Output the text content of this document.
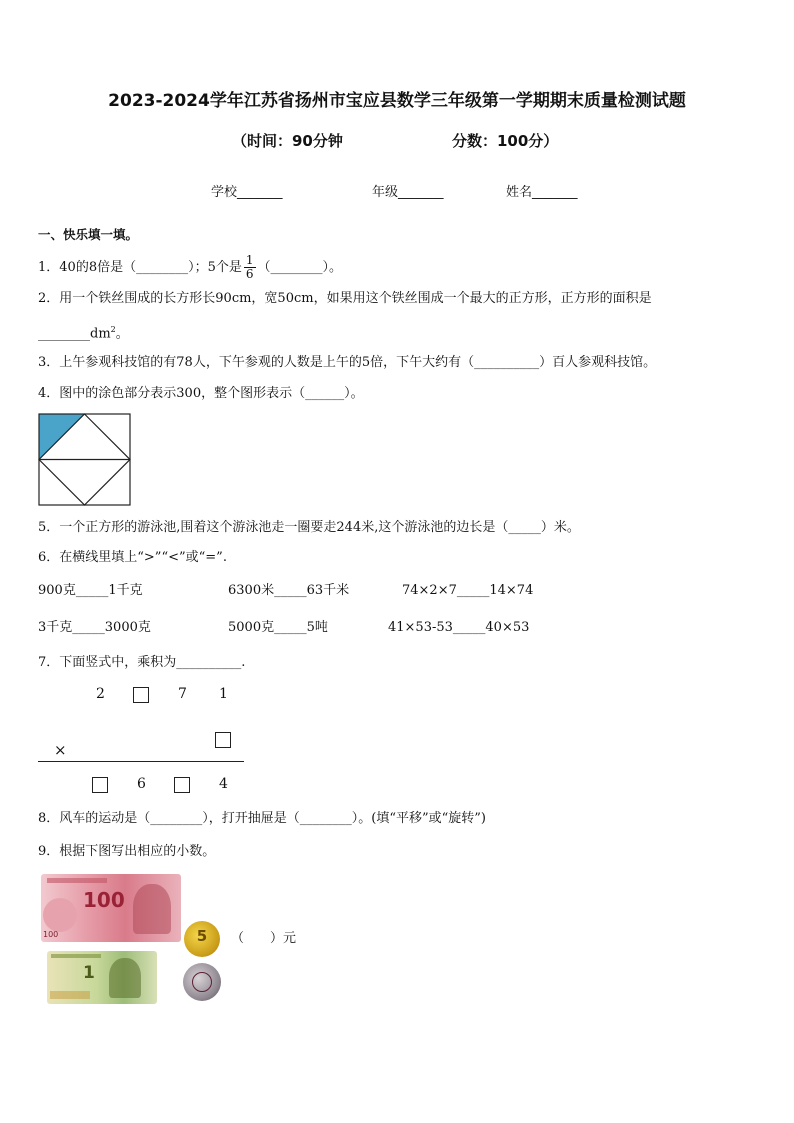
2023-2024学年江苏省扬州市宝应县数学三年级第一学期期末质量检测试题
（时间：90分钟	分数：100分）
学校_______	年级_______	姓名_______
一、快乐填一填。
1．40的8倍是（________）；5个是 $\frac{1}{6}$ （________）。
2．用一个铁丝围成的长方形长90cm，宽50cm，如果用这个铁丝围成一个最大的正方形，正方形的面积是
$\_\_\_\_\_\_\_\_dm^2$。
3．上午参观科技馆的有78人，下午参观的人数是上午的5倍，下午大约有（__________）百人参观科技馆。
4．图中的涂色部分表示300，整个图形表示（______）。
5．一个正方形的游泳池,围着这个游泳池走一圈要走244米,这个游泳池的边长是（_____）米。
6．在横线里填上“>”“<”或“=”.
900克_____1千克	6300米_____63千米	74×2×7_____14×74
3千克_____3000克	5000克_____5吨	41×53-53_____40×53
7．下面竖式中，乘积为__________.
2	7 1
×
6	4
8．风车的运动是（________），打开抽屉是（________）。(填“平移”或“旋转”)
9．根据下图写出相应的小数。
100
100	5	（　　）元
1
